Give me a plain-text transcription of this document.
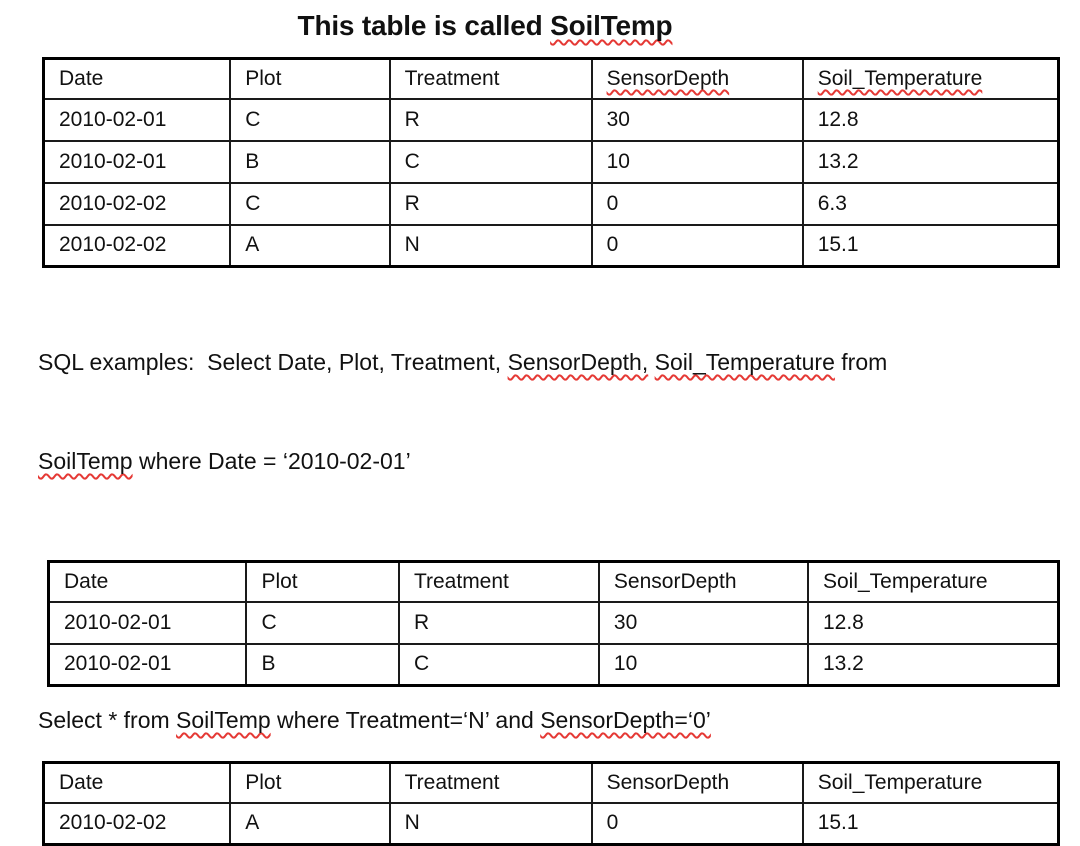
This table is called SoilTemp
Date	Plot	Treatment	SensorDepth	Soil_Temperature
2010-02-01	C	R	30	12.8
2010-02-01	B	C	10	13.2
2010-02-02	C	R	0	6.3
2010-02-02	A	N	0	15.1

SQL examples:  Select Date, Plot, Treatment, SensorDepth, Soil_Temperature from

SoilTemp where Date = ‘2010-02-01’

Date	Plot	Treatment	SensorDepth	Soil_Temperature
2010-02-01	C	R	30	12.8
2010-02-01	B	C	10	13.2
Select * from SoilTemp where Treatment=‘N’ and SensorDepth=‘0’
Date	Plot	Treatment	SensorDepth	Soil_Temperature
2010-02-02	A	N	0	15.1
